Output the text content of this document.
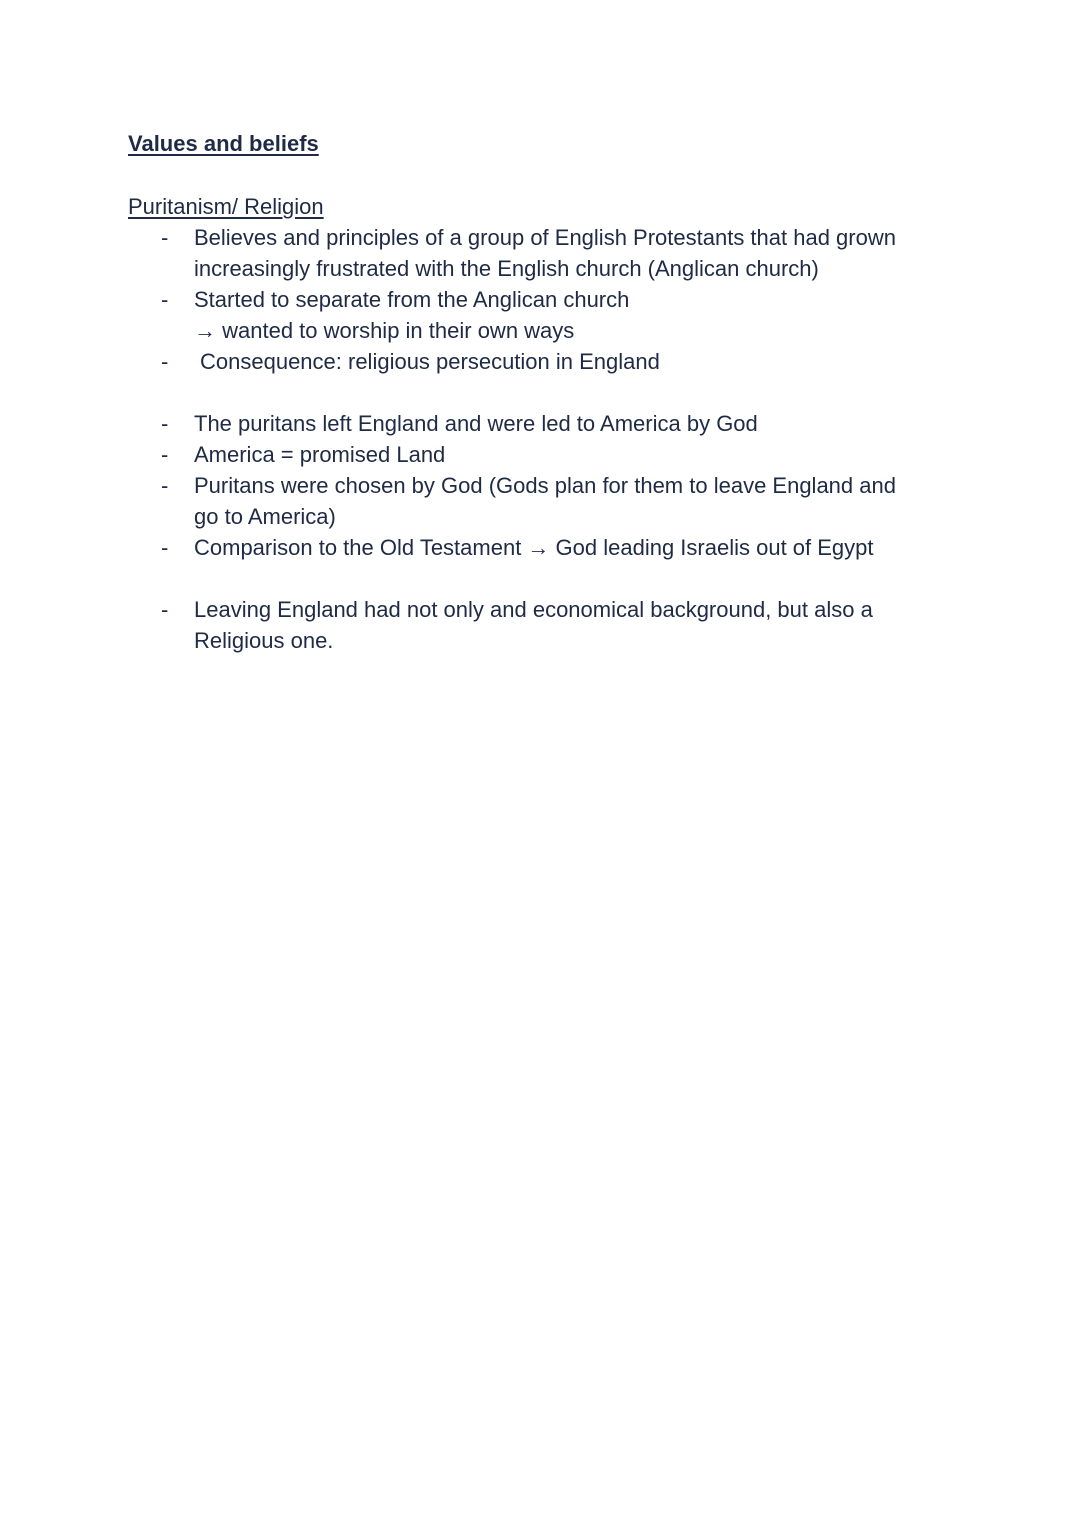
Values and beliefs
Puritanism/ Religion
- Believes and principles of a group of English Protestants that had grown
increasingly frustrated with the English church (Anglican church)
- Started to separate from the Anglican church
→ wanted to worship in their own ways
- Consequence: religious persecution in England
- The puritans left England and were led to America by God
- America = promised Land
- Puritans were chosen by God (Gods plan for them to leave England and
go to America)
- Comparison to the Old Testament → God leading Israelis out of Egypt
- Leaving England had not only and economical background, but also a
Religious one.
